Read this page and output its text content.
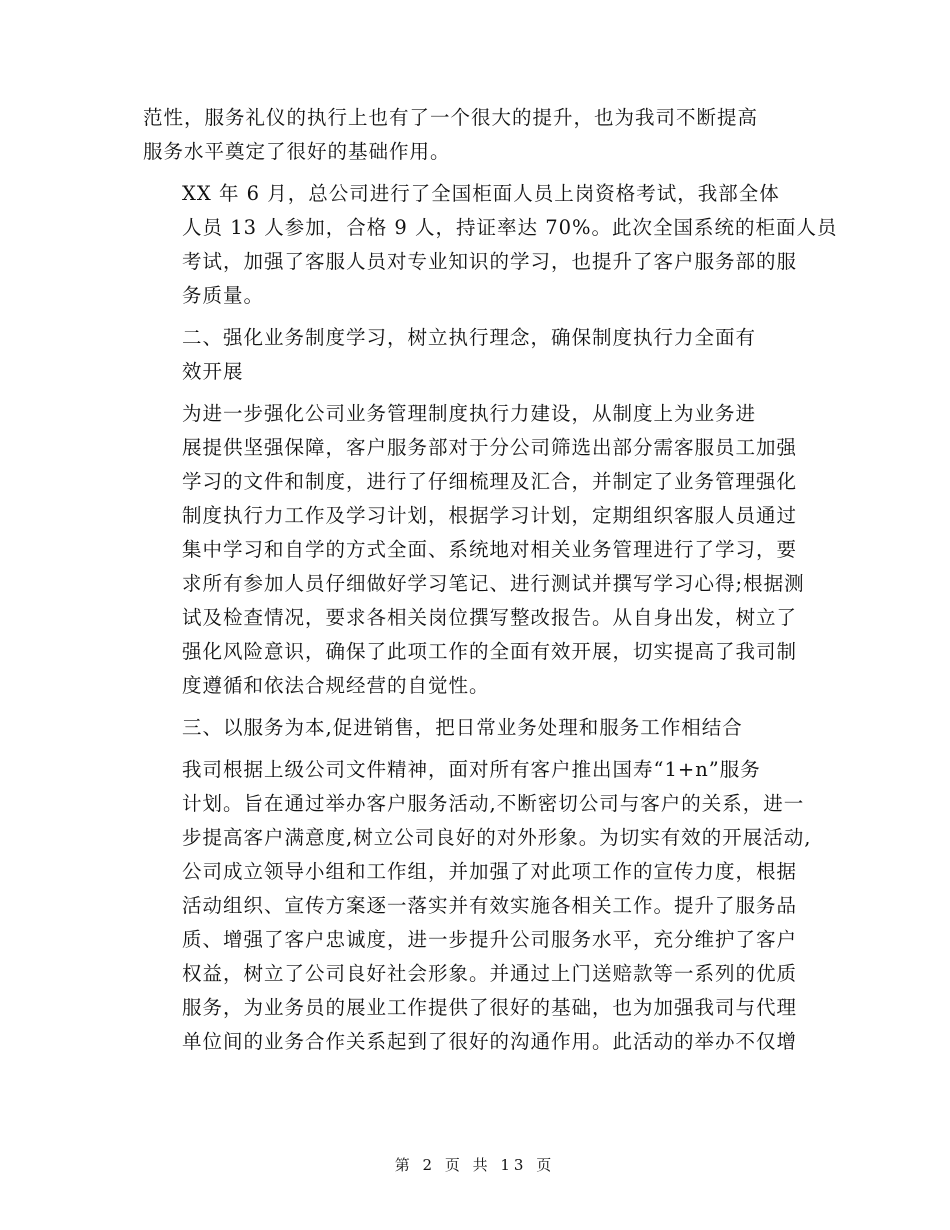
范性，服务礼仪的执行上也有了一个很大的提升，也为我司不断提高
服务水平奠定了很好的基础作用。

XX 年 6 月，总公司进行了全国柜面人员上岗资格考试，我部全体
人员 13 人参加，合格 9 人，持证率达 70%。此次全国系统的柜面人员
考试，加强了客服人员对专业知识的学习，也提升了客户服务部的服
务质量。

二、强化业务制度学习，树立执行理念，确保制度执行力全面有
效开展

为进一步强化公司业务管理制度执行力建设，从制度上为业务进
展提供坚强保障，客户服务部对于分公司筛选出部分需客服员工加强
学习的文件和制度，进行了仔细梳理及汇合，并制定了业务管理强化
制度执行力工作及学习计划，根据学习计划，定期组织客服人员通过
集中学习和自学的方式全面、系统地对相关业务管理进行了学习，要
求所有参加人员仔细做好学习笔记、进行测试并撰写学习心得;根据测
试及检查情况，要求各相关岗位撰写整改报告。从自身出发，树立了
强化风险意识，确保了此项工作的全面有效开展，切实提高了我司制
度遵循和依法合规经营的自觉性。

三、以服务为本,促进销售，把日常业务处理和服务工作相结合

我司根据上级公司文件精神，面对所有客户推出国寿“1+n”服务
计划。旨在通过举办客户服务活动,不断密切公司与客户的关系，进一
步提高客户满意度,树立公司良好的对外形象。为切实有效的开展活动,
公司成立领导小组和工作组，并加强了对此项工作的宣传力度，根据
活动组织、宣传方案逐一落实并有效实施各相关工作。提升了服务品
质、增强了客户忠诚度，进一步提升公司服务水平，充分维护了客户
权益，树立了公司良好社会形象。并通过上门送赔款等一系列的优质
服务，为业务员的展业工作提供了很好的基础，也为加强我司与代理
单位间的业务合作关系起到了很好的沟通作用。此活动的举办不仅增

第 2 页 共 13 页
